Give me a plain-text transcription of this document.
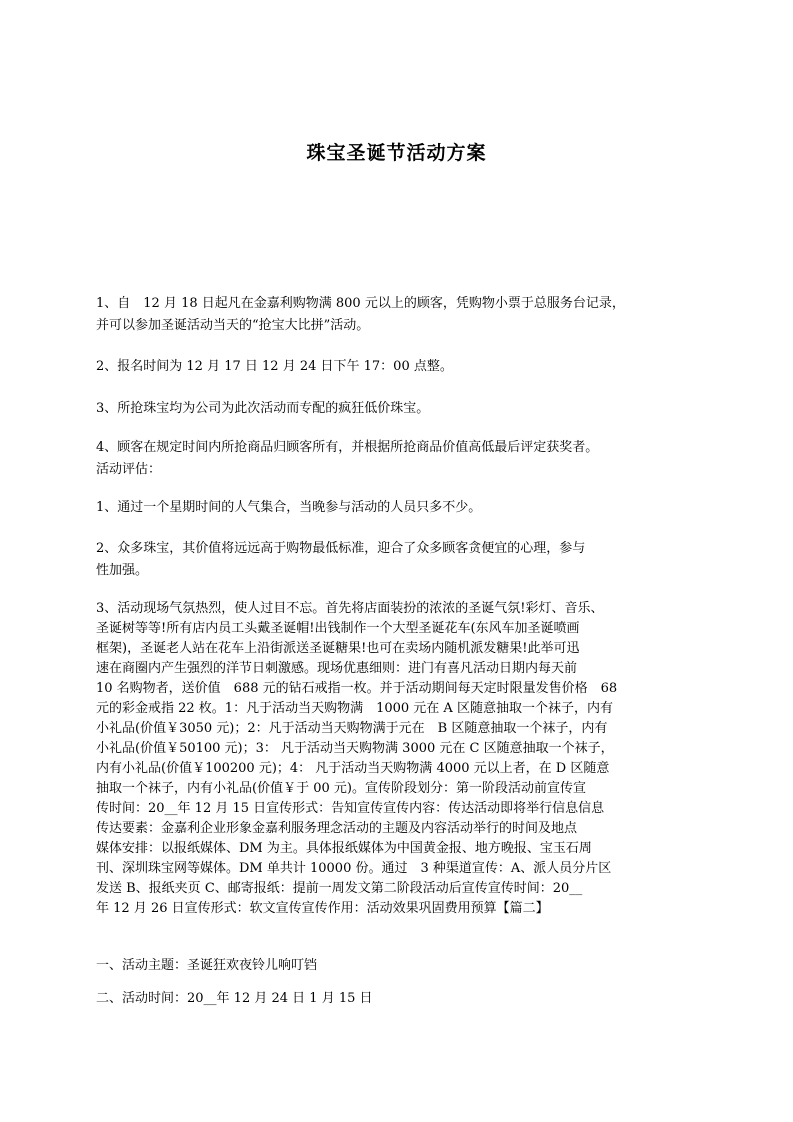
珠宝圣诞节活动方案

1、自　12 月 18 日起凡在金嘉利购物满 800 元以上的顾客，凭购物小票于总服务台记录，
并可以参加圣诞活动当天的“抢宝大比拼”活动。

2、报名时间为 12 月 17 日 12 月 24 日下午 17：00 点整。

3、所抢珠宝均为公司为此次活动而专配的疯狂低价珠宝。

4、顾客在规定时间内所抢商品归顾客所有，并根据所抢商品价值高低最后评定获奖者。
活动评估：

1、通过一个星期时间的人气集合，当晚参与活动的人员只多不少。

2、众多珠宝，其价值将远远高于购物最低标准，迎合了众多顾客贪便宜的心理，参与
性加强。

3、活动现场气氛热烈，使人过目不忘。首先将店面装扮的浓浓的圣诞气氛!彩灯、音乐、
圣诞树等等!所有店内员工头戴圣诞帽!出钱制作一个大型圣诞花车(东风车加圣诞喷画
框架)，圣诞老人站在花车上沿街派送圣诞糖果!也可在卖场内随机派发糖果!此举可迅
速在商圈内产生强烈的洋节日刺激感。现场优惠细则：进门有喜凡活动日期内每天前
10 名购物者，送价值　688 元的钻石戒指一枚。并于活动期间每天定时限量发售价格　68
元的彩金戒指 22 枚。1：凡于活动当天购物满　1000 元在 A 区随意抽取一个袜子，内有
小礼品(价值￥3050 元)；2：凡于活动当天购物满于元在　B 区随意抽取一个袜子，内有
小礼品(价值￥50100 元)；3： 凡于活动当天购物满 3000 元在 C 区随意抽取一个袜子，
内有小礼品(价值￥100200 元)；4： 凡于活动当天购物满 4000 元以上者，在 D 区随意
抽取一个袜子，内有小礼品(价值￥于 00 元)。宣传阶段划分：第一阶段活动前宣传宣
传时间：20__年 12 月 15 日宣传形式：告知宣传宣传内容：传达活动即将举行信息信息
传达要素：金嘉利企业形象金嘉利服务理念活动的主题及内容活动举行的时间及地点
媒体安排：以报纸媒体、DM 为主。具体报纸媒体为中国黄金报、地方晚报、宝玉石周
刊、深圳珠宝网等媒体。DM 单共计 10000 份。通过　3 种渠道宣传：A、派人员分片区
发送 B、报纸夹页 C、邮寄报纸：提前一周发文第二阶段活动后宣传宣传时间：20__
年 12 月 26 日宣传形式：软文宣传宣传作用：活动效果巩固费用预算【篇二】

一、活动主题：圣诞狂欢夜铃儿响叮铛

二、活动时间：20__年 12 月 24 日 1 月 15 日
